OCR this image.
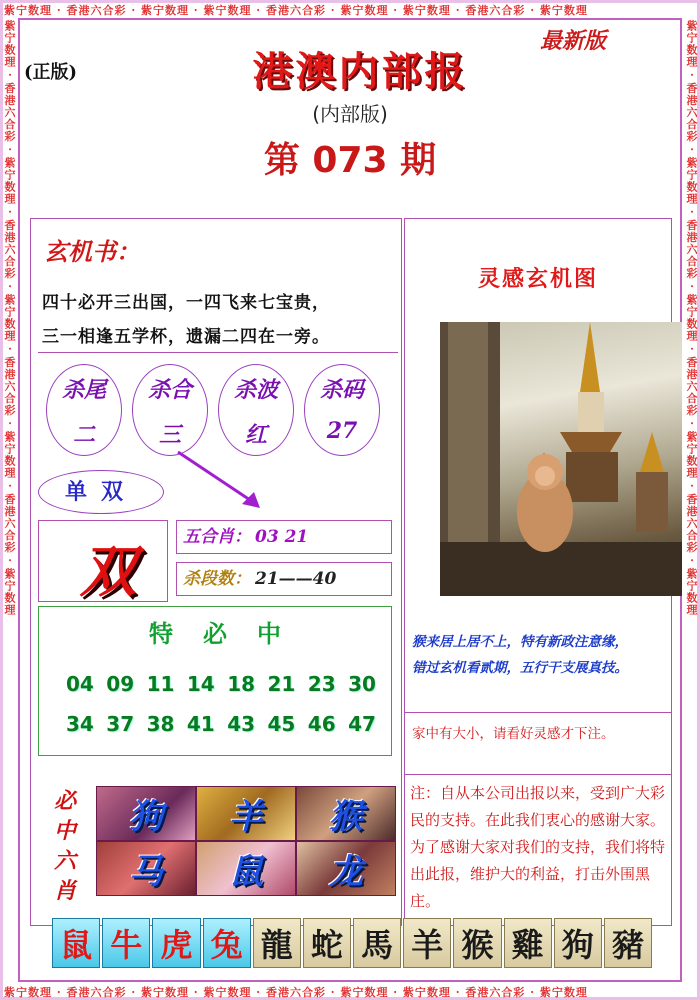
紫宁数理 · 香港六合彩 · 紫宁数理 · 紫宁数理 · 香港六合彩 · 紫宁数理 · 紫宁数理 · 香港六合彩 · 紫宁数理
紫宁数理 · 香港六合彩 · 紫宁数理 · 紫宁数理 · 香港六合彩 · 紫宁数理 · 紫宁数理 · 香港六合彩 · 紫宁数理
紫宁数理 · 香港六合彩 · 紫宁数理 · 香港六合彩 · 紫宁数理 · 香港六合彩 · 紫宁数理 · 香港六合彩 · 紫宁数理	紫宁数理 · 香港六合彩 · 紫宁数理 · 香港六合彩 · 紫宁数理 · 香港六合彩 · 紫宁数理 · 香港六合彩 · 紫宁数理
(正版)
最新版
港澳内部报
(内部版)
第 073 期
玄机书：
四十必开三出国，一四飞来七宝贵，
三一相逢五学杯，遗漏二四在一旁。
杀尾
二
杀合
三
杀波
红
杀码
27
单双
双
五合肖： 03 21
杀段数： 21——40
特必中
04 09 11 14 18 21 23 30
34 37 38 41 43 45 46 47
必中六肖
狗 羊 猴
马 鼠 龙
灵感玄机图
猴来居上居不上，特有新政注意缘，
错过玄机看贰期，五行干支展真技。
家中有大小，请看好灵感才下注。
注：自从本公司出报以来，受到广大彩民的支持。在此我们衷心的感谢大家。为了感谢大家对我们的支持，我们将特出此报，维护大的利益，打击外围黑庄。
鼠 牛 虎 兔 龍 蛇 馬 羊 猴 雞 狗 豬
